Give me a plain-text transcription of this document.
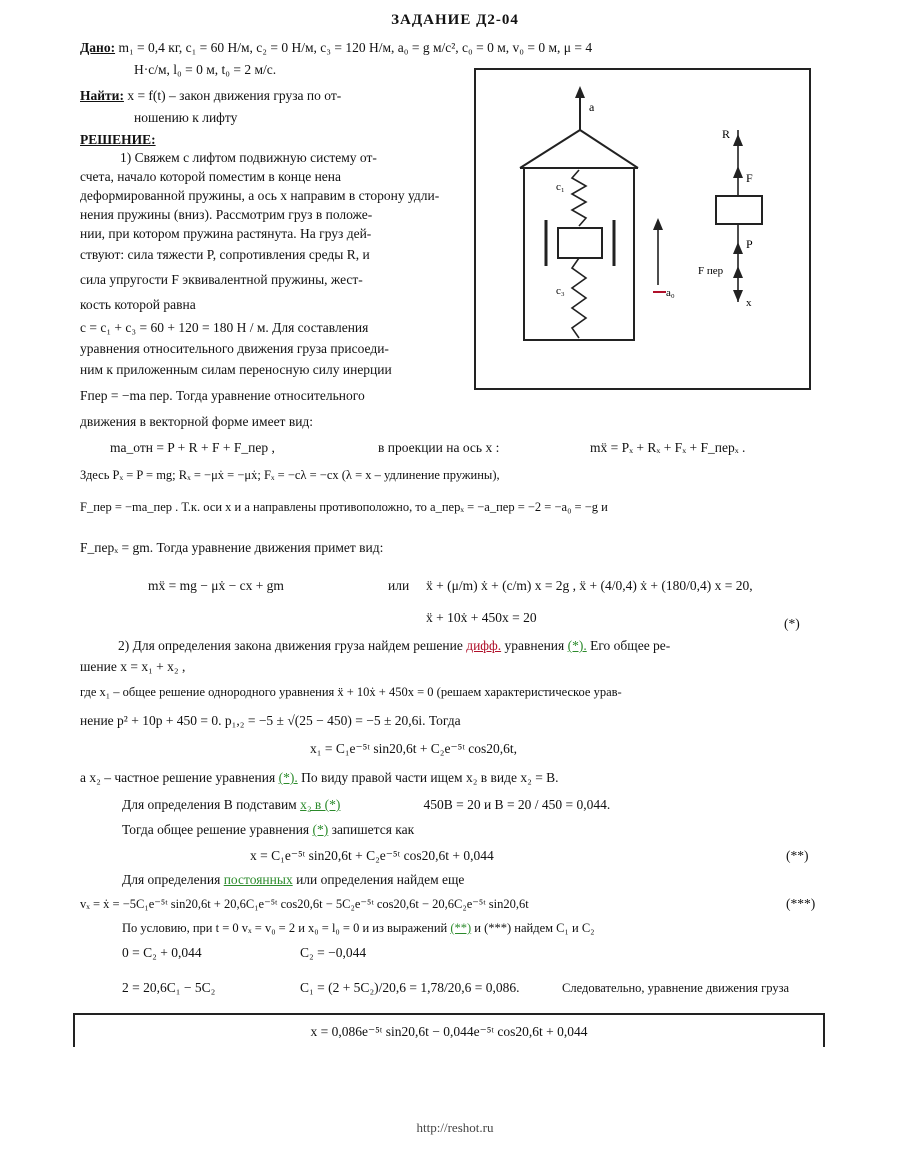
ЗАДАНИЕ Д2-04
Дано: m₁ = 0,4 кг, c₁ = 60 Н/м, c₂ = 0 Н/м, c₃ = 120 Н/м, a₀ = g м/с², c₀ = 0 м, v₀ = 0 м, μ = 4
Н·с/м, l₀ = 0 м, t₀ = 2 м/с.
Найти: x = f(t) – закон движения груза по от-
ношению к лифту
РЕШЕНИЕ:
1) Свяжем с лифтом подвижную систему от-
счета, начало которой поместим в конце нена
деформированной пружины, а ось x направим в сторону удли-
нения пружины (вниз). Рассмотрим груз в положе-
нии, при котором пружина растянута. На груз дей-
ствуют: сила тяжести P, сопротивления среды R, и
сила упругости F эквивалентной пружины, жест-
кость которой равна
c = c₁ + c₃ = 60 + 120 = 180 H / м. Для составления
уравнения относительного движения груза присоеди-
ним к приложенным силам переносную силу инерции
Fпер = −ma пер. Тогда уравнение относительного
движения в векторной форме имеет вид:
a
c₁
c₃	a₀
R
F
P
F пер
x
ma_отн = P + R + F + F_пер ,	в проекции на ось x :	mẍ = Pₓ + Rₓ + Fₓ + F_перₓ .
Здесь Pₓ = P = mg; Rₓ = −μẋ = −μẋ; Fₓ = −cλ = −cx (λ = x – удлинение пружины),
F_пер = −ma_пер . Т.к. оси x и a направлены противоположно, то a_перₓ = −a_пер = −2 = −a₀ = −g и
F_перₓ = gm. Тогда уравнение движения примет вид:
mẍ = mg − μẋ − cx + gm	или ẍ + (μ/m) ẋ + (c/m) x = 2g , ẍ + (4/0,4) ẋ + (180/0,4) x = 20,
ẍ + 10ẋ + 450x = 20	(*)
2) Для определения закона движения груза найдем решение дифф. уравнения (*). Его общее ре-
шение x = x₁ + x₂ ,
где x₁ – общее решение однородного уравнения ẍ + 10ẋ + 450x = 0 (решаем характеристическое урав-
нение p² + 10p + 450 = 0. p₁,₂ = −5 ± √(25 − 450) = −5 ± 20,6i. Тогда
x₁ = C₁e⁻⁵ᵗ sin20,6t + C₂e⁻⁵ᵗ cos20,6t,
а x₂ – частное решение уравнения (*). По виду правой части ищем x₂ в виде x₂ = B.
Для определения B подставим x₂ в (*)	450B = 20 и B = 20 / 450 = 0,044.
Тогда общее решение уравнения (*) запишется как
x = C₁e⁻⁵ᵗ sin20,6t + C₂e⁻⁵ᵗ cos20,6t + 0,044	(**)
Для определения постоянных или определения найдем еще
vₓ = ẋ = −5C₁e⁻⁵ᵗ sin20,6t + 20,6C₁e⁻⁵ᵗ cos20,6t − 5C₂e⁻⁵ᵗ cos20,6t − 20,6C₂e⁻⁵ᵗ sin20,6t	(***)
По условию, при t = 0 vₓ = v₀ = 2 и x₀ = l₀ = 0 и из выражений (**) и (***) найдем C₁ и C₂
0 = C₂ + 0,044	C₂ = −0,044
2 = 20,6C₁ − 5C₂	C₁ = (2 + 5C₂)/20,6 = 1,78/20,6 = 0,086.	Следовательно, уравнение движения груза
x = 0,086e⁻⁵ᵗ sin20,6t − 0,044e⁻⁵ᵗ cos20,6t + 0,044
http://reshot.ru
